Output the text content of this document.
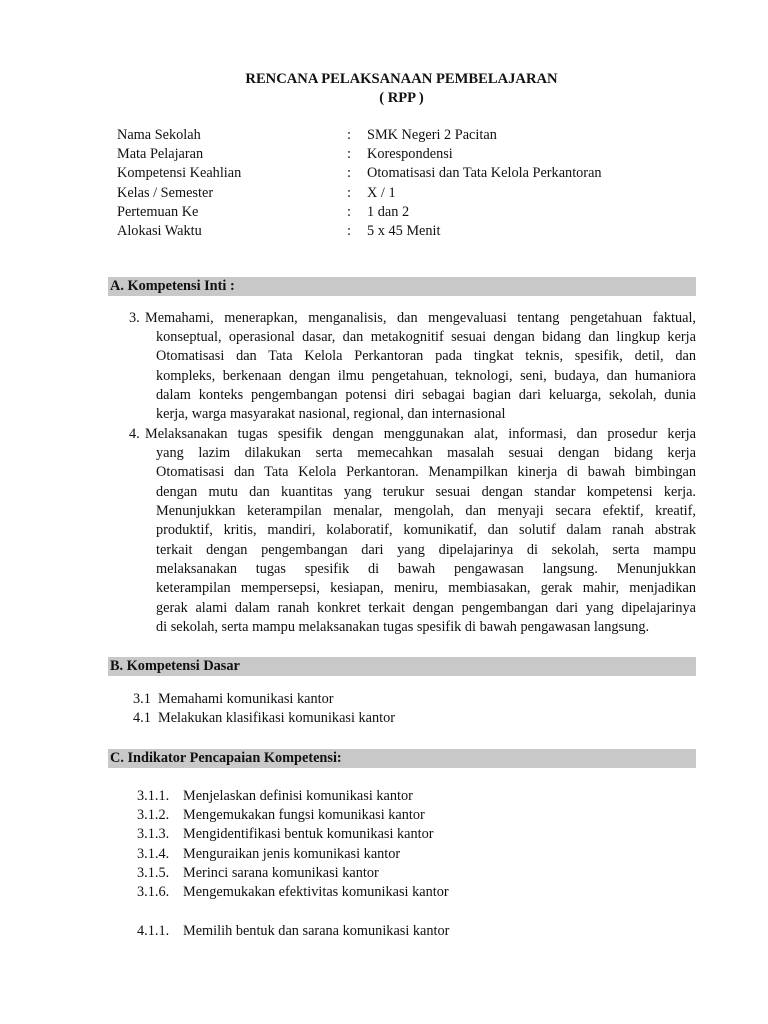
RENCANA PELAKSANAAN PEMBELAJARAN
( RPP )
Nama Sekolah	: SMK Negeri 2 Pacitan
Mata Pelajaran	: Korespondensi
Kompetensi Keahlian	: Otomatisasi dan Tata Kelola Perkantoran
Kelas / Semester	: X / 1
Pertemuan Ke	: 1 dan 2
Alokasi Waktu	: 5 x 45 Menit
A. Kompetensi Inti :
3. Memahami, menerapkan, menganalisis, dan mengevaluasi tentang pengetahuan faktual,
konseptual, operasional dasar, dan metakognitif sesuai dengan bidang dan lingkup kerja
Otomatisasi dan Tata Kelola Perkantoran pada tingkat teknis, spesifik, detil, dan
kompleks, berkenaan dengan ilmu pengetahuan, teknologi, seni, budaya, dan humaniora
dalam konteks pengembangan potensi diri sebagai bagian dari keluarga, sekolah, dunia
kerja, warga masyarakat nasional, regional, dan internasional
4. Melaksanakan tugas spesifik dengan menggunakan alat, informasi, dan prosedur kerja
yang lazim dilakukan serta memecahkan masalah sesuai dengan bidang kerja
Otomatisasi dan Tata Kelola Perkantoran. Menampilkan kinerja di bawah bimbingan
dengan mutu dan kuantitas yang terukur sesuai dengan standar kompetensi kerja.
Menunjukkan keterampilan menalar, mengolah, dan menyaji secara efektif, kreatif,
produktif, kritis, mandiri, kolaboratif, komunikatif, dan solutif dalam ranah abstrak
terkait dengan pengembangan dari yang dipelajarinya di sekolah, serta mampu
melaksanakan tugas spesifik di bawah pengawasan langsung. Menunjukkan
keterampilan mempersepsi, kesiapan, meniru, membiasakan, gerak mahir, menjadikan
gerak alami dalam ranah konkret terkait dengan pengembangan dari yang dipelajarinya
di sekolah, serta mampu melaksanakan tugas spesifik di bawah pengawasan langsung.
B. Kompetensi Dasar
3.1 Memahami komunikasi kantor
4.1 Melakukan klasifikasi komunikasi kantor
C. Indikator Pencapaian Kompetensi:
3.1.1. Menjelaskan definisi komunikasi kantor
3.1.2. Mengemukakan fungsi komunikasi kantor
3.1.3. Mengidentifikasi bentuk komunikasi kantor
3.1.4. Menguraikan jenis komunikasi kantor
3.1.5. Merinci sarana komunikasi kantor
3.1.6. Mengemukakan efektivitas komunikasi kantor
4.1.1. Memilih bentuk dan sarana komunikasi kantor
